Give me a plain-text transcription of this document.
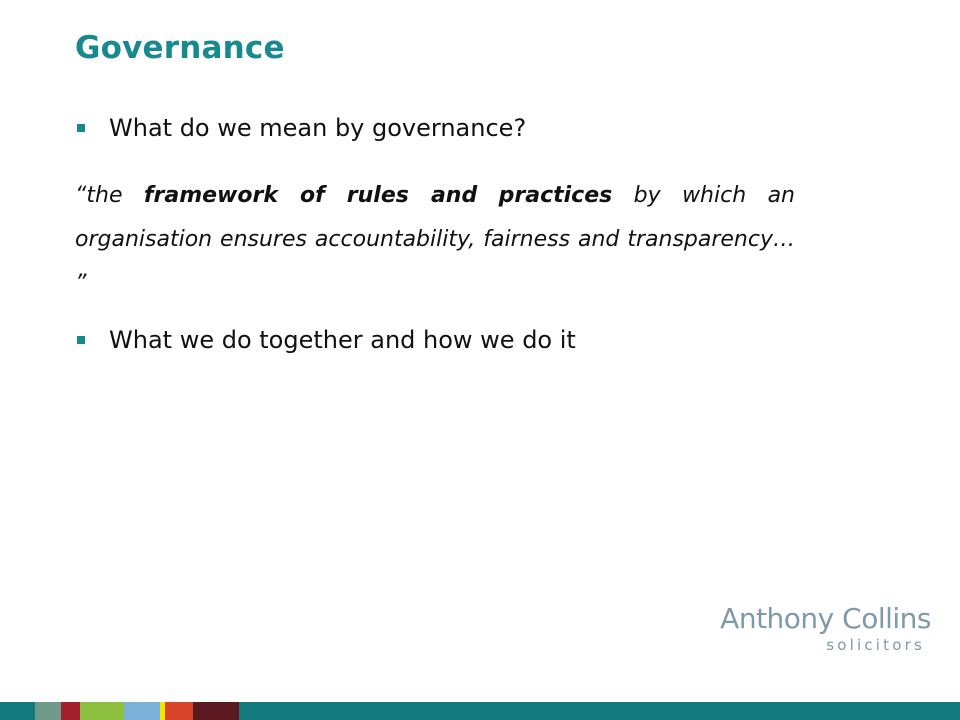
Governance
What do we mean by governance?

“the framework of rules and practices by which an organisation ensures accountability, fairness and transparency… ”

What we do together and how we do it
Anthony Collins
solicitors
